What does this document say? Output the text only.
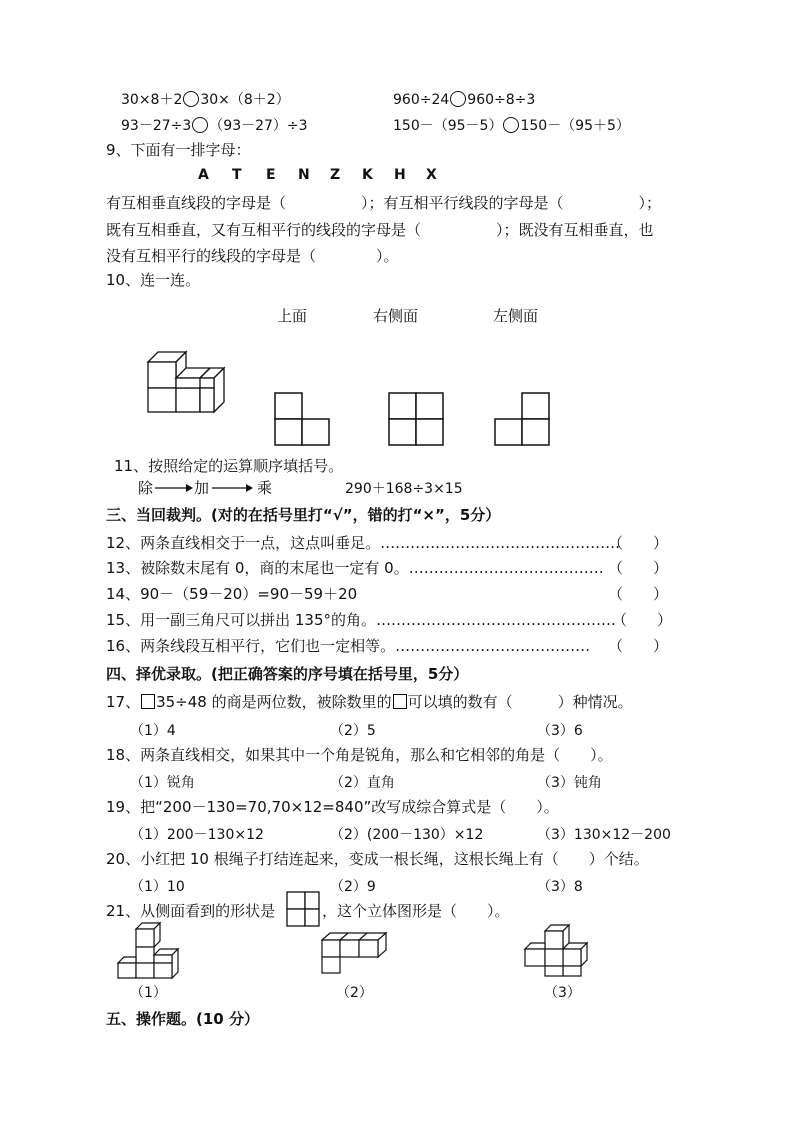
30×8＋2 30×（8＋2）	960÷24 960÷8÷3
93－27÷3 （93－27）÷3	150－（95－5） 150－（95＋5）
9、下面有一排字母：
A T E N Z K H X
有互相垂直线段的字母是（　　　　　）；有互相平行线段的字母是（　　　　　）；
既有互相垂直，又有互相平行的线段的字母是（　　　　　）；既没有互相垂直，也
没有互相平行的线段的字母是（　　　　）。
10、连一连。
上面	右侧面	左侧面
11、按照给定的运算顺序填括号。
除	加	乘	290＋168÷3×15
三、当回裁判。(对的在括号里打“√”，错的打“×”，5分）
12、两条直线相交于一点，这点叫垂足。…………………………………………
（　　）
13、被除数末尾有 0，商的末尾也一定有 0。………………………………… （　　）
14、90－（59－20）=90－59＋20	（　　）
15、用一副三角尺可以拼出 135°的角。…………………………………………
（　　）
16、两条线段互相平行，它们也一定相等。………………………………… （　　）
四、择优录取。(把正确答案的序号填在括号里，5分）
17、 35÷48 的商是两位数，被除数里的 可以填的数有（　　　）种情况。
（1）4	（2）5	（3）6
18、两条直线相交，如果其中一个角是锐角，那么和它相邻的角是（　　）。
（1）锐角	（2）直角	（3）钝角
19、把“200－130=70,70×12=840”改写成综合算式是（　　）。
（1）200－130×12	（2）(200－130）×12	（3）130×12－200
20、小红把 10 根绳子打结连起来，变成一根长绳，这根长绳上有（　　）个结。
（1）10	（2）9	（3）8
21、从侧面看到的形状是	，这个立体图形是（　　）。
（1）	（2）	（3）
五、操作题。(10 分）
